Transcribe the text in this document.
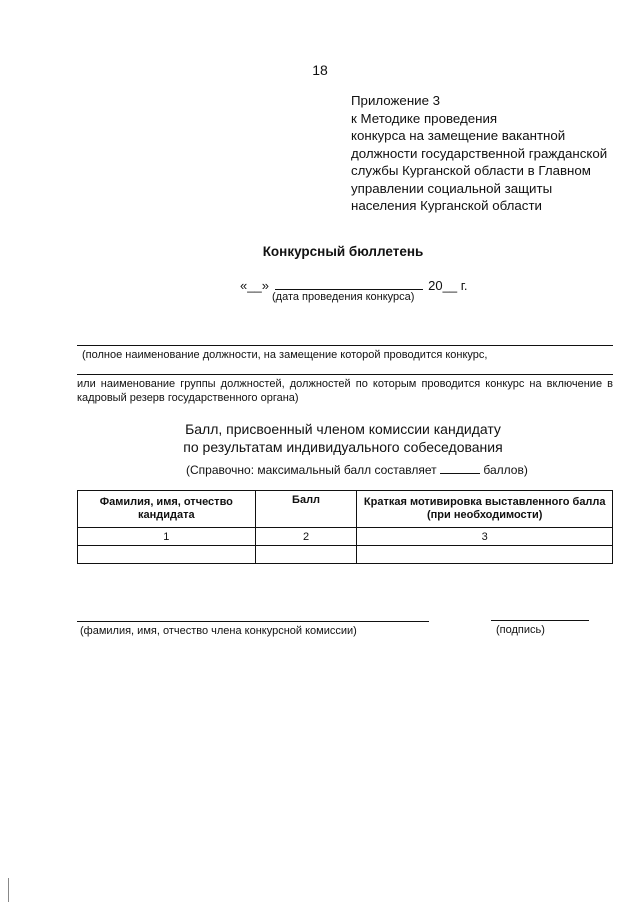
18
Приложение 3
к Методике проведения
конкурса на замещение вакантной
должности государственной гражданской
службы Курганской области в Главном
управлении социальной защиты
населения Курганской области
Конкурсный бюллетень
«__»	20__ г.
(дата проведения конкурса)
(полное наименование должности, на замещение которой проводится конкурс,
или наименование группы должностей, должностей по которым проводится конкурс на включение в кадровый резерв государственного органа)
Балл, присвоенный членом комиссии кандидату
по результатам индивидуального собеседования
(Справочно: максимальный балл составляет	баллов)
Фамилия, имя, отчество кандидата	Балл	Краткая мотивировка выставленного балла (при необходимости)
1	2	3

(фамилия, имя, отчество члена конкурсной комиссии)	(подпись)
